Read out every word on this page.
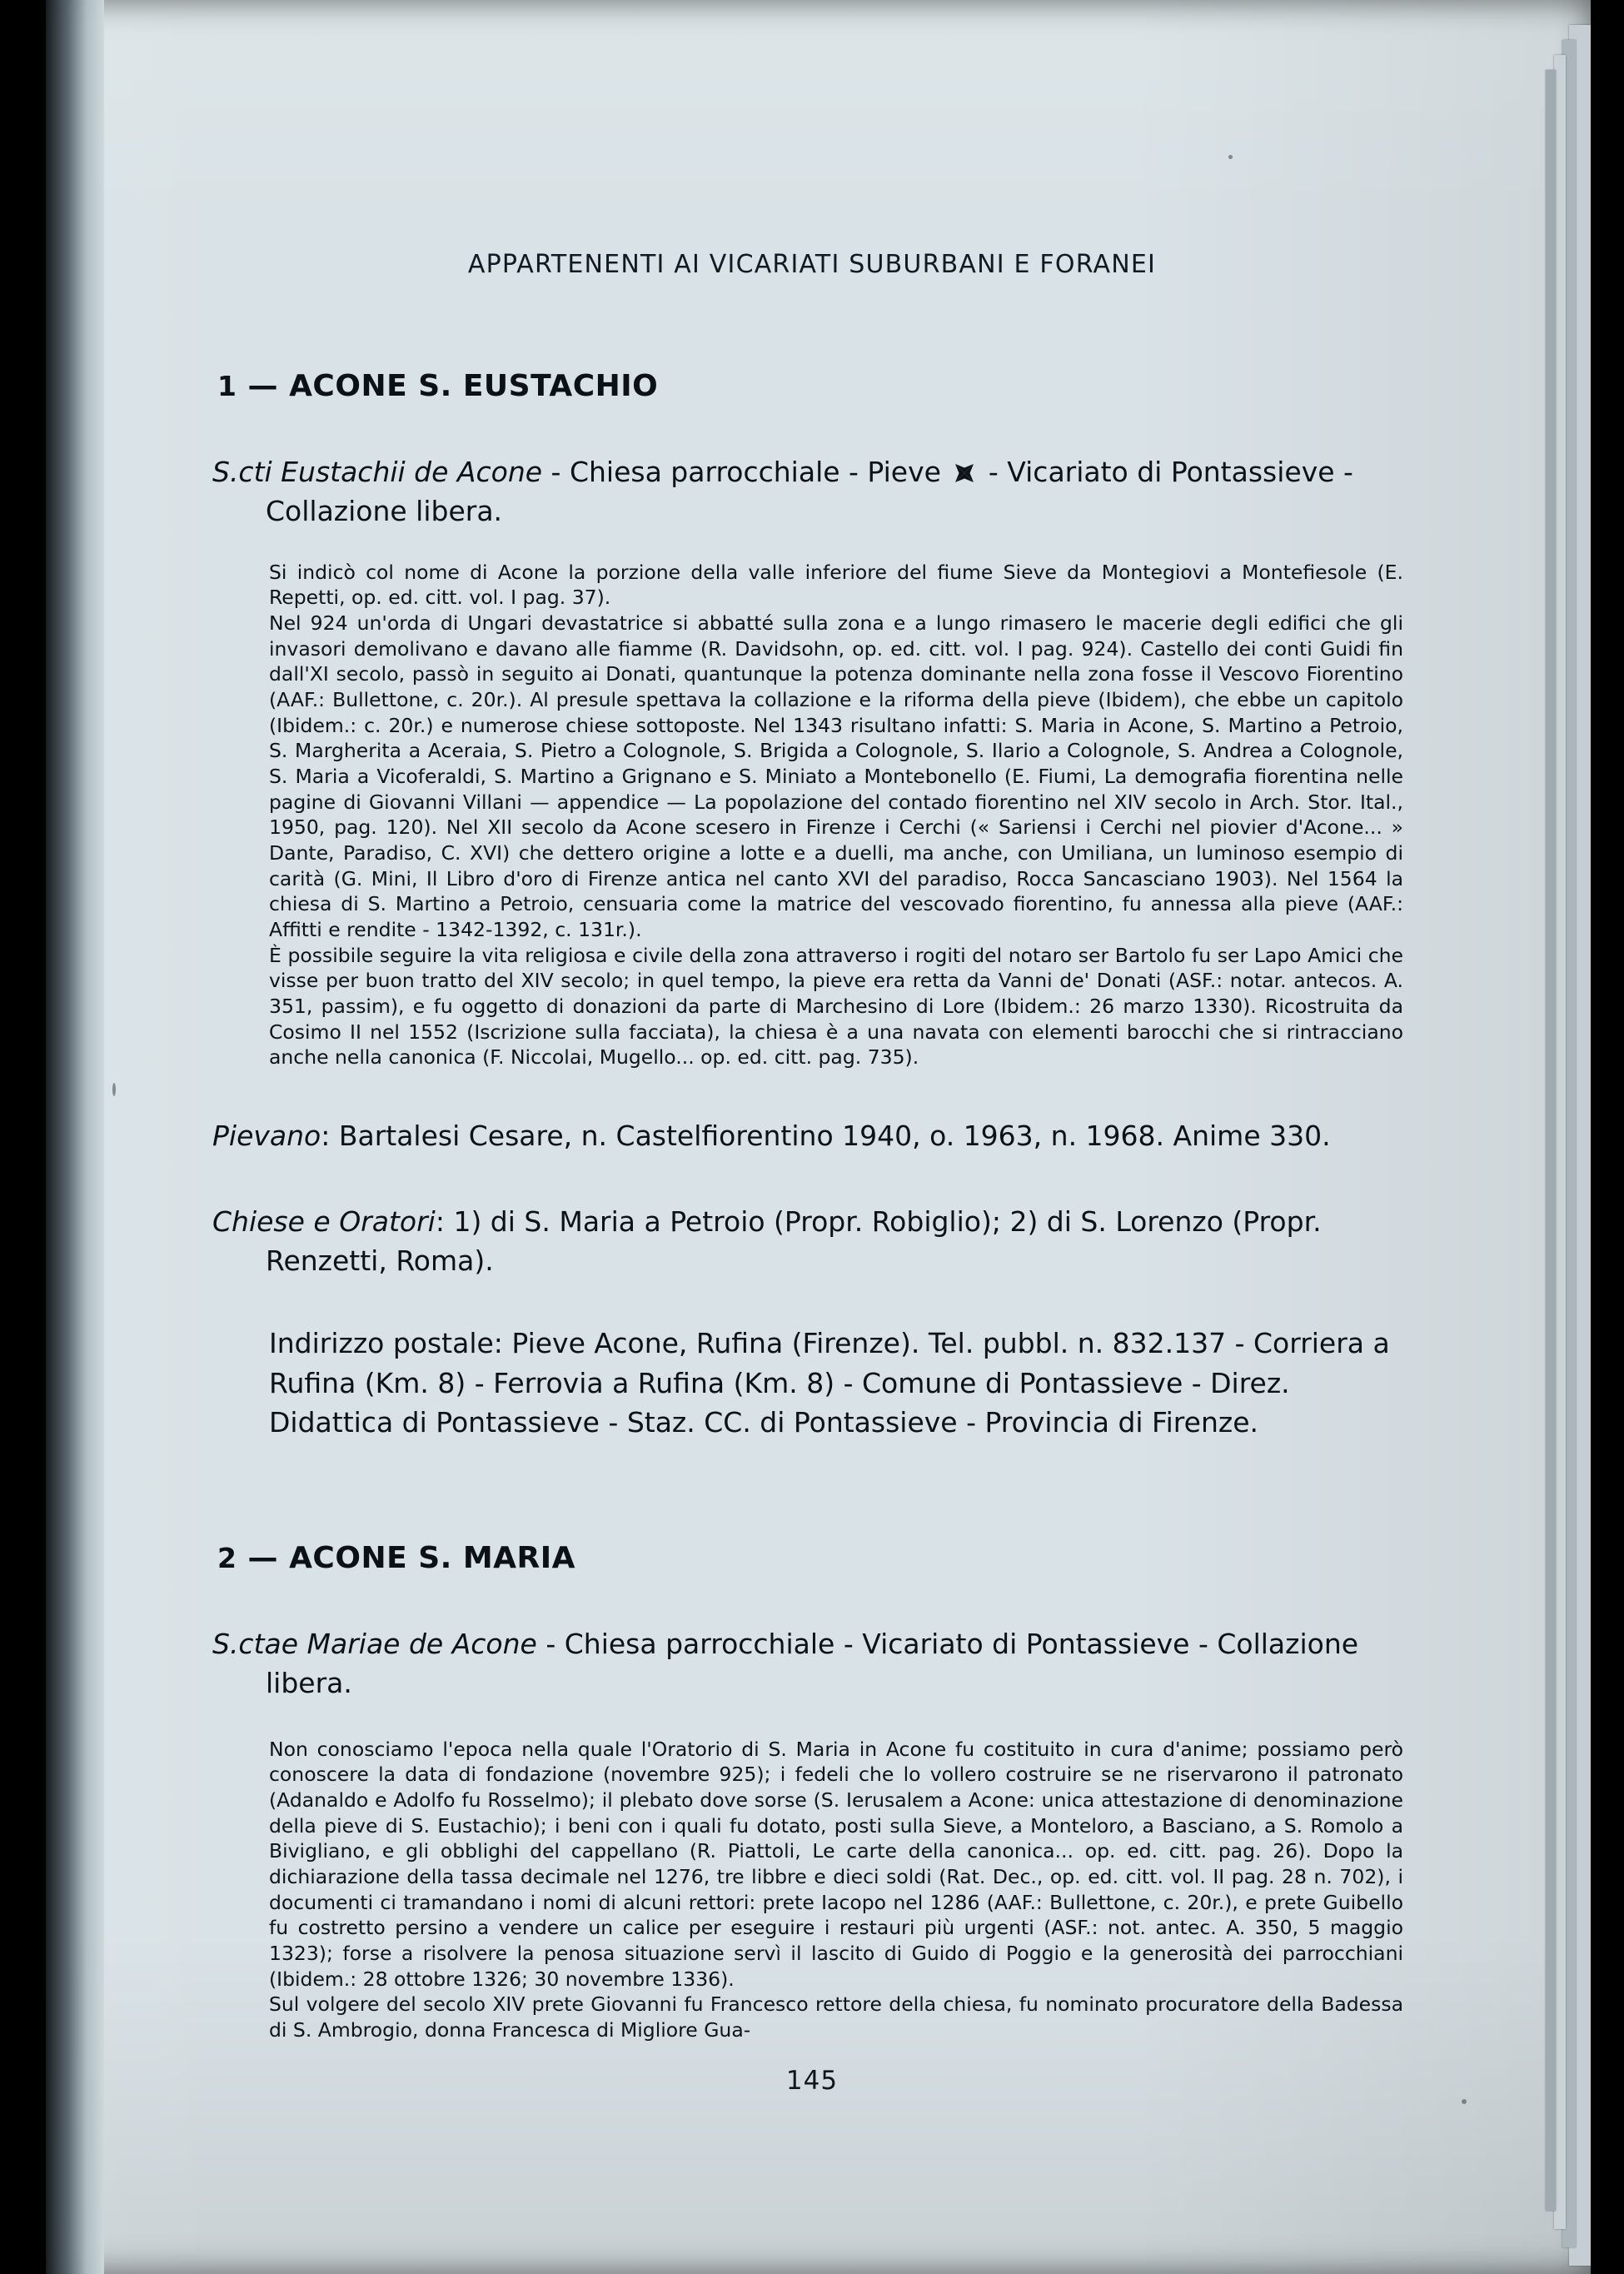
APPARTENENTI AI VICARIATI SUBURBANI E FORANEI
1 — ACONE S. EUSTACHIO
S.cti Eustachii de Acone - Chiesa parrocchiale - Pieve
- Vicariato di Pontassieve - Collazione libera.

Si indicò col nome di Acone la porzione della valle inferiore del fiume Sieve da Montegiovi a Montefiesole (E. Repetti, op. ed. citt. vol. I pag. 37).

Nel 924 un'orda di Ungari devastatrice si abbatté sulla zona e a lungo rimasero le macerie degli edifici che gli invasori demolivano e davano alle fiamme (R. Davidsohn, op. ed. citt. vol. I pag. 924). Castello dei conti Guidi fin dall'XI secolo, passò in seguito ai Donati, quantunque la potenza dominante nella zona fosse il Vescovo Fiorentino (AAF.: Bullettone, c. 20r.). Al presule spettava la collazione e la riforma della pieve (Ibidem), che ebbe un capitolo (Ibidem.: c. 20r.) e numerose chiese sottoposte. Nel 1343 risultano infatti: S. Maria in Acone, S. Martino a Petroio, S. Margherita a Aceraia, S. Pietro a Colognole, S. Brigida a Colognole, S. Ilario a Colognole, S. Andrea a Colognole, S. Maria a Vicoferaldi, S. Martino a Grignano e S. Miniato a Montebonello (E. Fiumi, La demografia fiorentina nelle pagine di Giovanni Villani — appendice — La popolazione del contado fiorentino nel XIV secolo in Arch. Stor. Ital., 1950, pag. 120). Nel XII secolo da Acone scesero in Firenze i Cerchi (« Sariensi i Cerchi nel piovier d'Acone... » Dante, Paradiso, C. XVI) che dettero origine a lotte e a duelli, ma anche, con Umiliana, un luminoso esempio di carità (G. Mini, Il Libro d'oro di Firenze antica nel canto XVI del paradiso, Rocca Sancasciano 1903). Nel 1564 la chiesa di S. Martino a Petroio, censuaria come la matrice del vescovado fiorentino, fu annessa alla pieve (AAF.: Affitti e rendite - 1342-1392, c. 131r.).

È possibile seguire la vita religiosa e civile della zona attraverso i rogiti del notaro ser Bartolo fu ser Lapo Amici che visse per buon tratto del XIV secolo; in quel tempo, la pieve era retta da Vanni de' Donati (ASF.: notar. antecos. A. 351, passim), e fu oggetto di donazioni da parte di Marchesino di Lore (Ibidem.: 26 marzo 1330). Ricostruita da Cosimo II nel 1552 (Iscrizione sulla facciata), la chiesa è a una navata con elementi barocchi che si rintracciano anche nella canonica (F. Niccolai, Mugello... op. ed. citt. pag. 735).

Pievano: Bartalesi Cesare, n. Castelfiorentino 1940, o. 1963, n. 1968. Anime 330.
Chiese e Oratori: 1) di S. Maria a Petroio (Propr. Robiglio); 2) di S. Lorenzo (Propr. Renzetti, Roma).
Indirizzo postale: Pieve Acone, Rufina (Firenze). Tel. pubbl. n. 832.137 - Corriera a Rufina (Km. 8) - Ferrovia a Rufina (Km. 8) - Comune di Pontassieve - Direz. Didattica di Pontassieve - Staz. CC. di Pontassieve - Provincia di Firenze.
2 — ACONE S. MARIA
S.ctae Mariae de Acone - Chiesa parrocchiale - Vicariato di Pontassieve - Collazione libera.

Non conosciamo l'epoca nella quale l'Oratorio di S. Maria in Acone fu costituito in cura d'anime; possiamo però conoscere la data di fondazione (novembre 925); i fedeli che lo vollero costruire se ne riservarono il patronato (Adanaldo e Adolfo fu Rosselmo); il plebato dove sorse (S. Ierusalem a Acone: unica attestazione di denominazione della pieve di S. Eustachio); i beni con i quali fu dotato, posti sulla Sieve, a Monteloro, a Basciano, a S. Romolo a Bivigliano, e gli obblighi del cappellano (R. Piattoli, Le carte della canonica... op. ed. citt. pag. 26). Dopo la dichiarazione della tassa decimale nel 1276, tre libbre e dieci soldi (Rat. Dec., op. ed. citt. vol. II pag. 28 n. 702), i documenti ci tramandano i nomi di alcuni rettori: prete Iacopo nel 1286 (AAF.: Bullettone, c. 20r.), e prete Guibello fu costretto persino a vendere un calice per eseguire i restauri più urgenti (ASF.: not. antec. A. 350, 5 maggio 1323); forse a risolvere la penosa situazione servì il lascito di Guido di Poggio e la generosità dei parrocchiani (Ibidem.: 28 ottobre 1326; 30 novembre 1336).

Sul volgere del secolo XIV prete Giovanni fu Francesco rettore della chiesa, fu nominato procuratore della Badessa di S. Ambrogio, donna Francesca di Migliore Gua-

145
